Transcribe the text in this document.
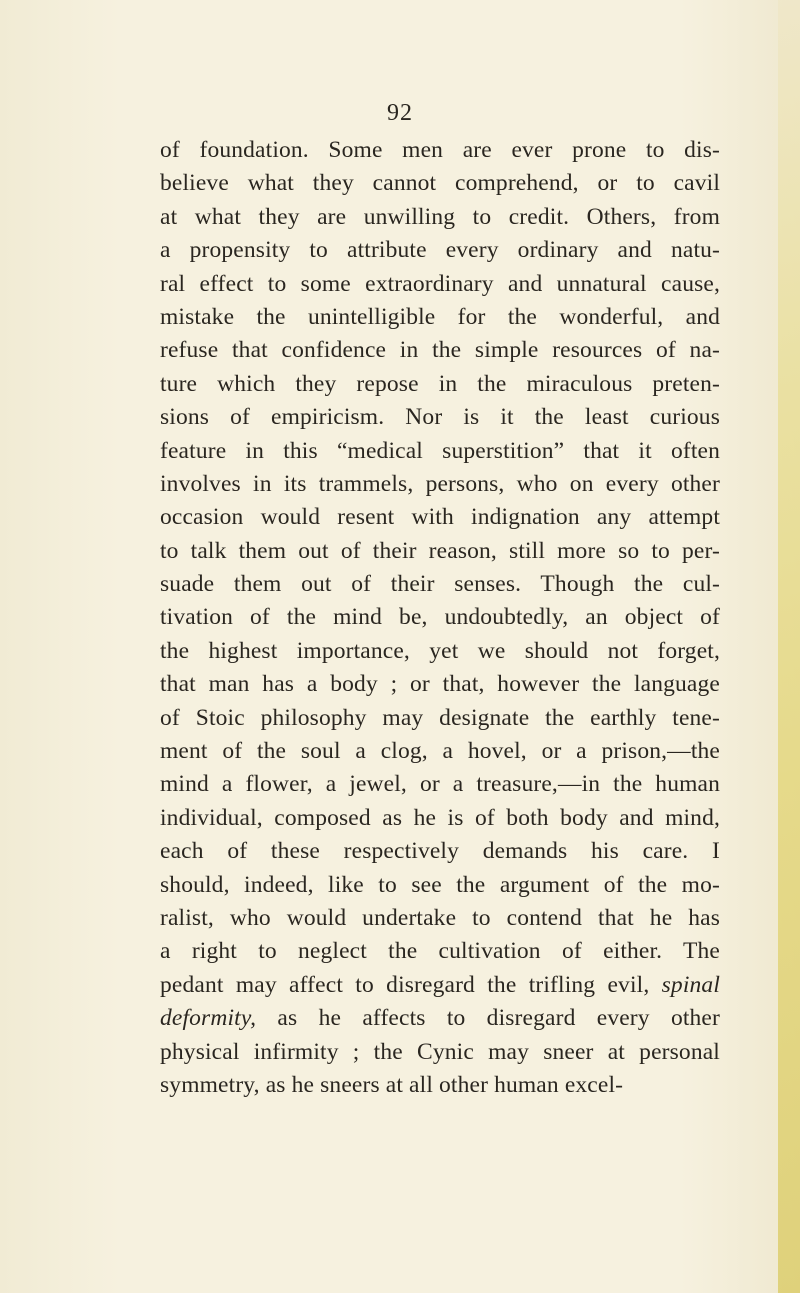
92
of foundation. Some men are ever prone to dis-
believe what they cannot comprehend, or to cavil
at what they are unwilling to credit. Others, from
a propensity to attribute every ordinary and natu-
ral effect to some extraordinary and unnatural cause,
mistake the unintelligible for the wonderful, and
refuse that confidence in the simple resources of na-
ture which they repose in the miraculous preten-
sions of empiricism. Nor is it the least curious
feature in this “medical superstition” that it often
involves in its trammels, persons, who on every other
occasion would resent with indignation any attempt
to talk them out of their reason, still more so to per-
suade them out of their senses. Though the cul-
tivation of the mind be, undoubtedly, an object of
the highest importance, yet we should not forget,
that man has a body ; or that, however the language
of Stoic philosophy may designate the earthly tene-
ment of the soul a clog, a hovel, or a prison,—the
mind a flower, a jewel, or a treasure,—in the human
individual, composed as he is of both body and mind,
each of these respectively demands his care. I
should, indeed, like to see the argument of the mo-
ralist, who would undertake to contend that he has
a right to neglect the cultivation of either. The
pedant may affect to disregard the trifling evil, spinal
deformity, as he affects to disregard every other
physical infirmity ; the Cynic may sneer at personal
symmetry, as he sneers at all other human excel-
